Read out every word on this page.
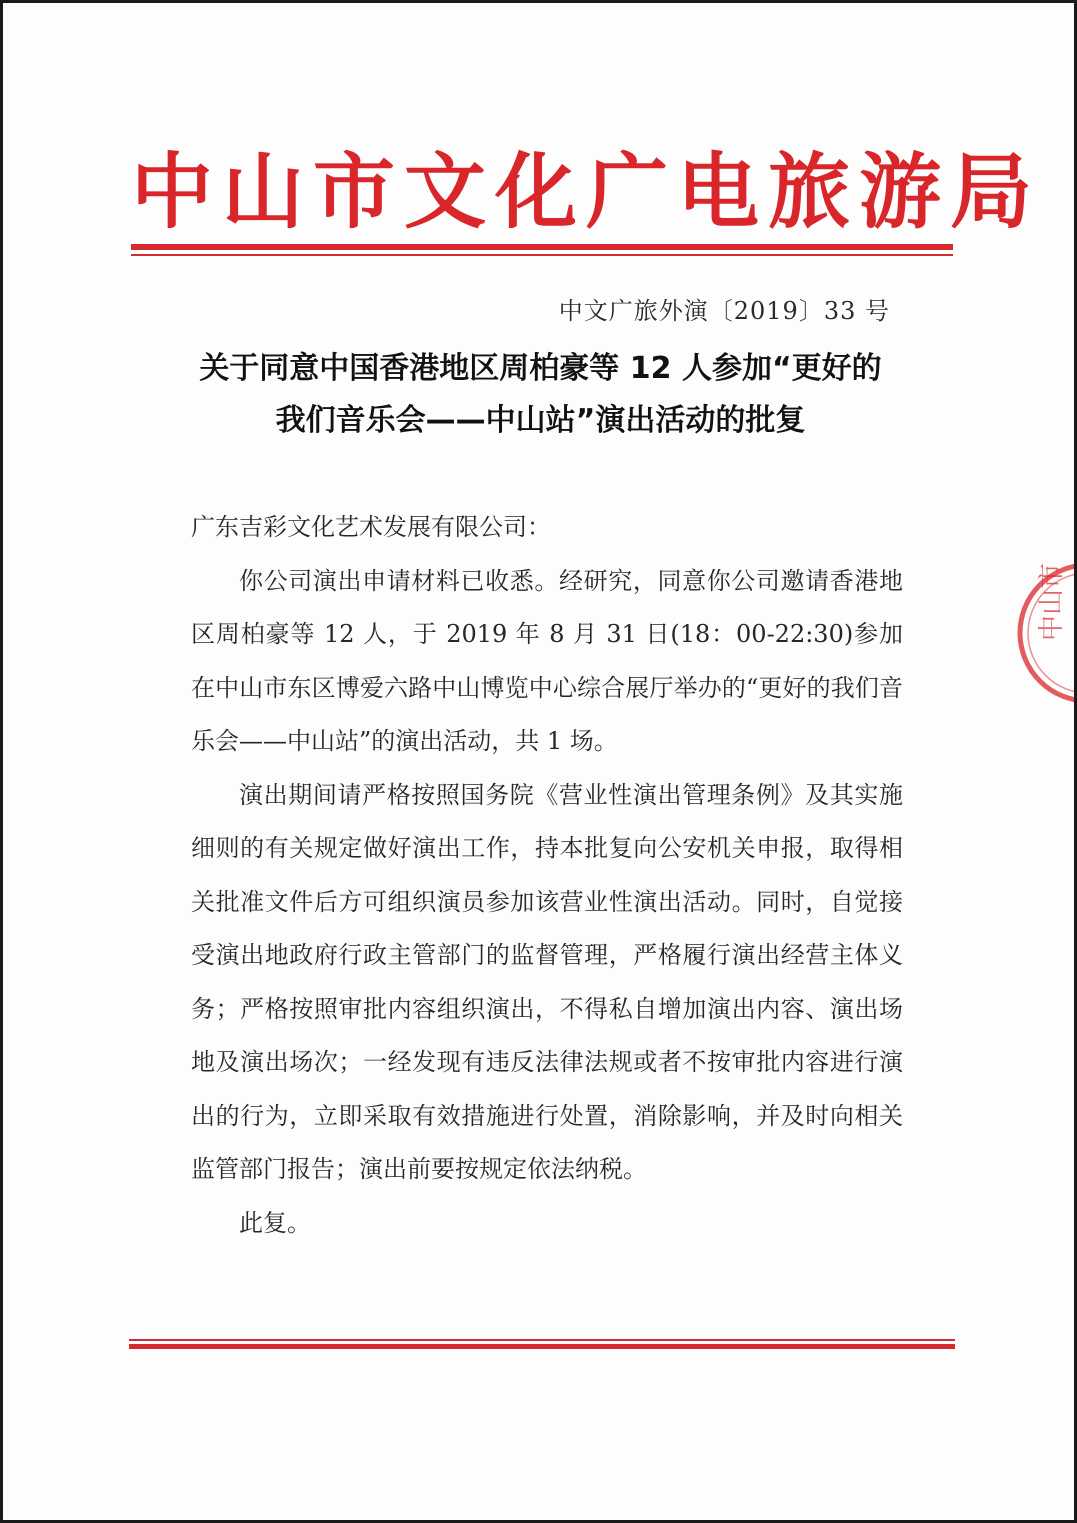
中山市文化广电旅游局
中文广旅外演〔2019〕33 号
关于同意中国香港地区周柏豪等 12 人参加“更好的
我们音乐会——中山站”演出活动的批复

广东吉彩文化艺术发展有限公司：

你公司演出申请材料已收悉。经研究，同意你公司邀请香港地区周柏豪等 12 人，于 2019 年 8 月 31 日(18：00-22:30)参加在中山市东区博爱六路中山博览中心综合展厅举办的“更好的我们音乐会——中山站”的演出活动，共 1 场。

演出期间请严格按照国务院《营业性演出管理条例》及其实施细则的有关规定做好演出工作，持本批复向公安机关申报，取得相关批准文件后方可组织演员参加该营业性演出活动。同时，自觉接受演出地政府行政主管部门的监督管理，严格履行演出经营主体义务；严格按照审批内容组织演出，不得私自增加演出内容、演出场地及演出场次；一经发现有违反法律法规或者不按审批内容进行演出的行为，立即采取有效措施进行处置，消除影响，并及时向相关监管部门报告；演出前要按规定依法纳税。

此复。

中山市
